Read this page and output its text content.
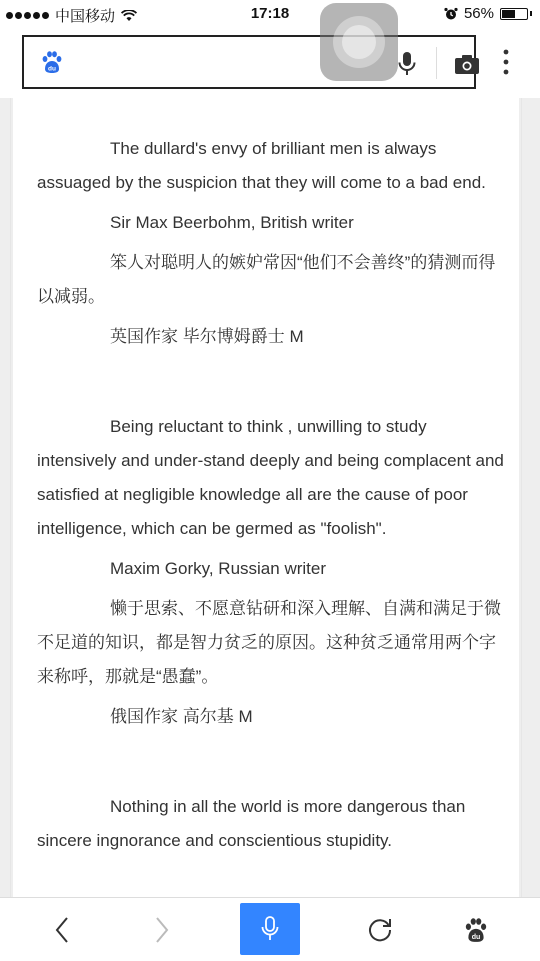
中国移动	17:18	56%
du

The dullard's envy of brilliant men is always assuaged by the suspicion that they will come to a bad end.

Sir Max Beerbohm, British writer

笨人对聪明人的嫉妒常因“他们不会善终”的猜测而得以减弱。

英国作家 毕尔博姆爵士 M

Being reluctant to think , unwilling to study intensively and under-stand deeply and being complacent and satisfied at negligible knowledge all are the cause of poor intelligence, which can be germed as "foolish".

Maxim Gorky, Russian writer

懒于思索、不愿意钻研和深入理解、自满和满足于微不足道的知识，都是智力贫乏的原因。这种贫乏通常用两个字来称呼，那就是“愚蠢”。

俄国作家 高尔基 M

Nothing in all the world is more dangerous than sincere ingnorance and conscientious stupidity.

du
